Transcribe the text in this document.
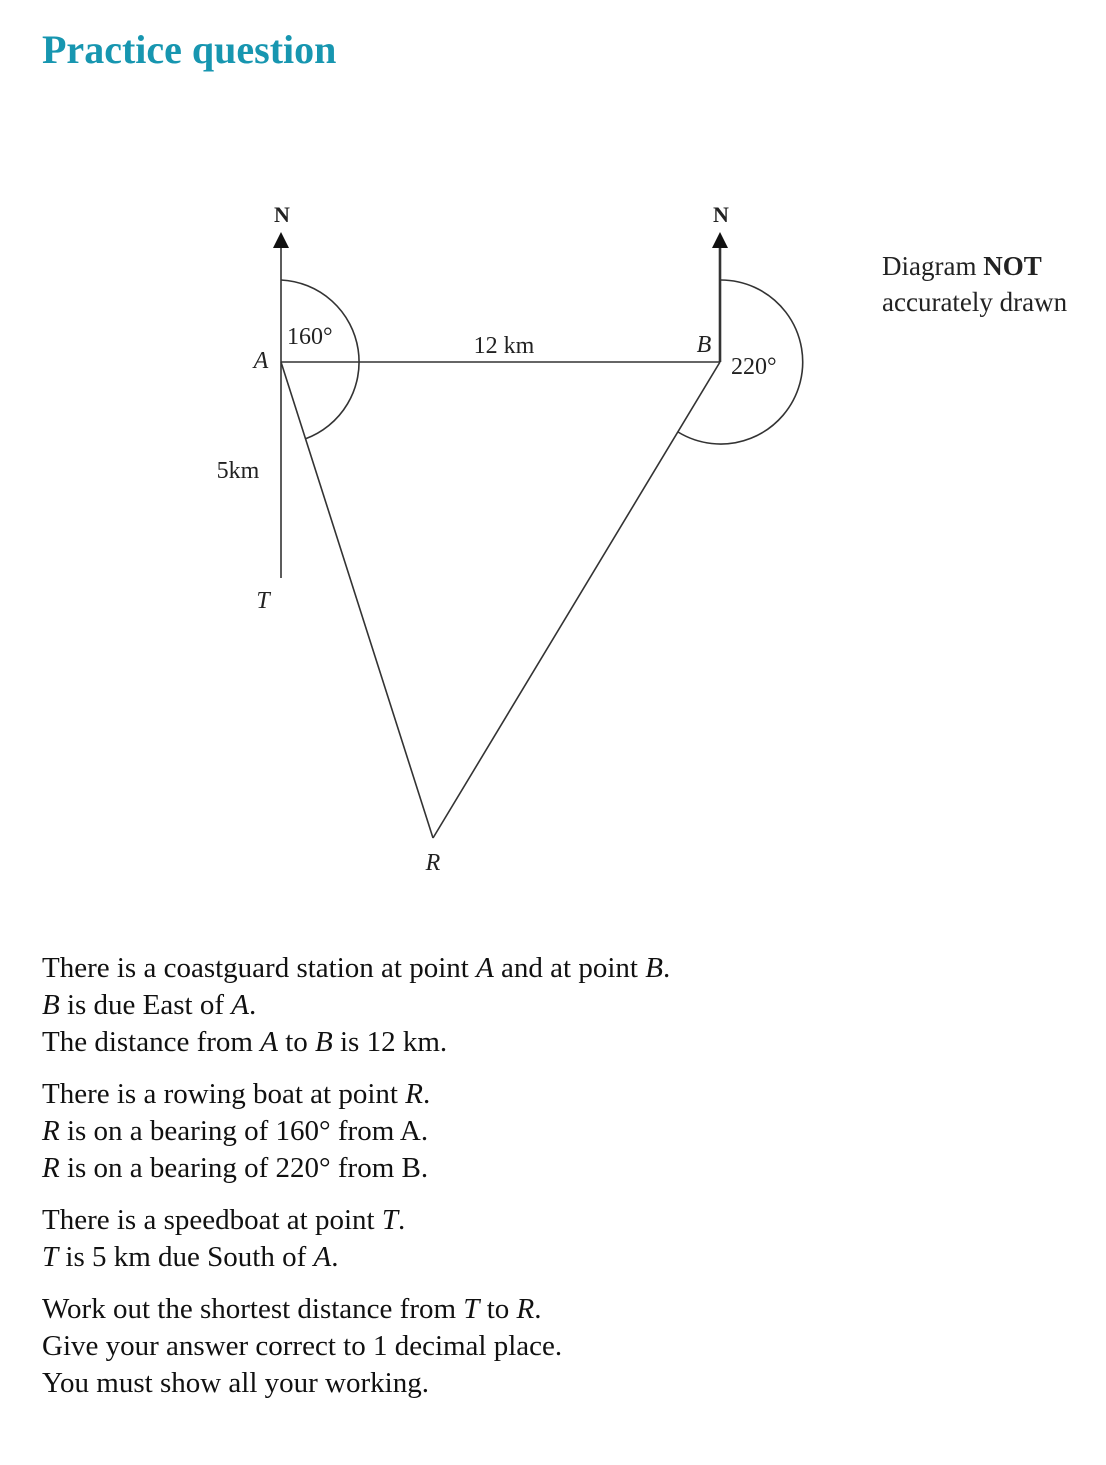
Practice question
N	N
160°
220°
12 km
5km
A
B
T
R
Diagram NOT
accurately drawn
There is a coastguard station at point A and at point B.
B is due East of A.
The distance from A to B is 12 km.
There is a rowing boat at point R.
R is on a bearing of 160° from A.
R is on a bearing of 220° from B.
There is a speedboat at point T.
T is 5 km due South of A.
Work out the shortest distance from T to R.
Give your answer correct to 1 decimal place.
You must show all your working.
